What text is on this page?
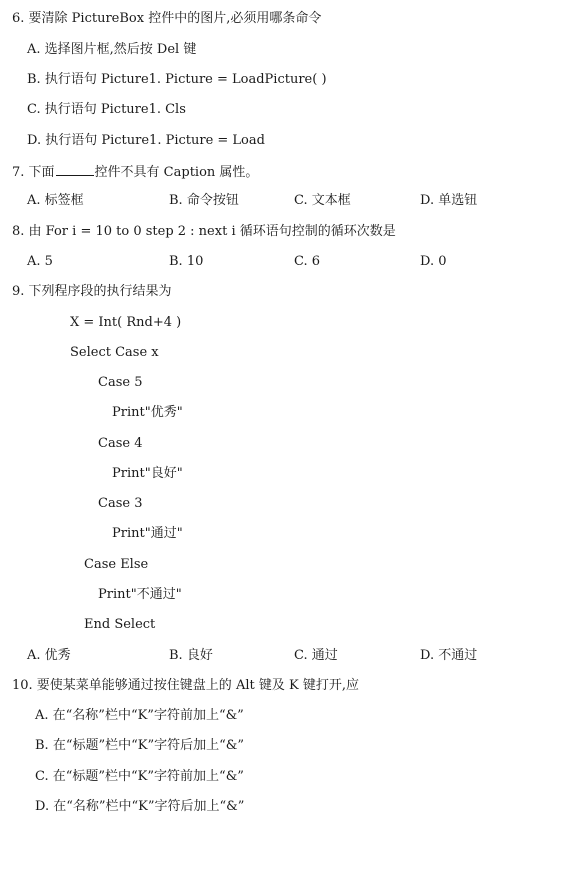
6. 要清除 PictureBox 控件中的图片,必须用哪条命令
A. 选择图片框,然后按 Del 键
B. 执行语句 Picture1. Picture = LoadPicture( )
C. 执行语句 Picture1. Cls
D. 执行语句 Picture1. Picture = Load
7. 下面	控件不具有 Caption 属性。
A. 标签框	B. 命令按钮	C. 文本框	D. 单选钮
8. 由 For i = 10 to 0 step 2 : next i 循环语句控制的循环次数是
A. 5	B. 10	C. 6	D. 0
9. 下列程序段的执行结果为
X = Int( Rnd+4 )
Select Case x
Case 5
Print"优秀"
Case 4
Print"良好"
Case 3
Print"通过"
Case Else
Print"不通过"
End Select
A. 优秀	B. 良好	C. 通过	D. 不通过
10. 要使某菜单能够通过按住键盘上的 Alt 键及 K 键打开,应
A. 在“名称”栏中“K”字符前加上“&”
B. 在“标题”栏中“K”字符后加上“&”
C. 在“标题”栏中“K”字符前加上“&”
D. 在“名称”栏中“K”字符后加上“&”
